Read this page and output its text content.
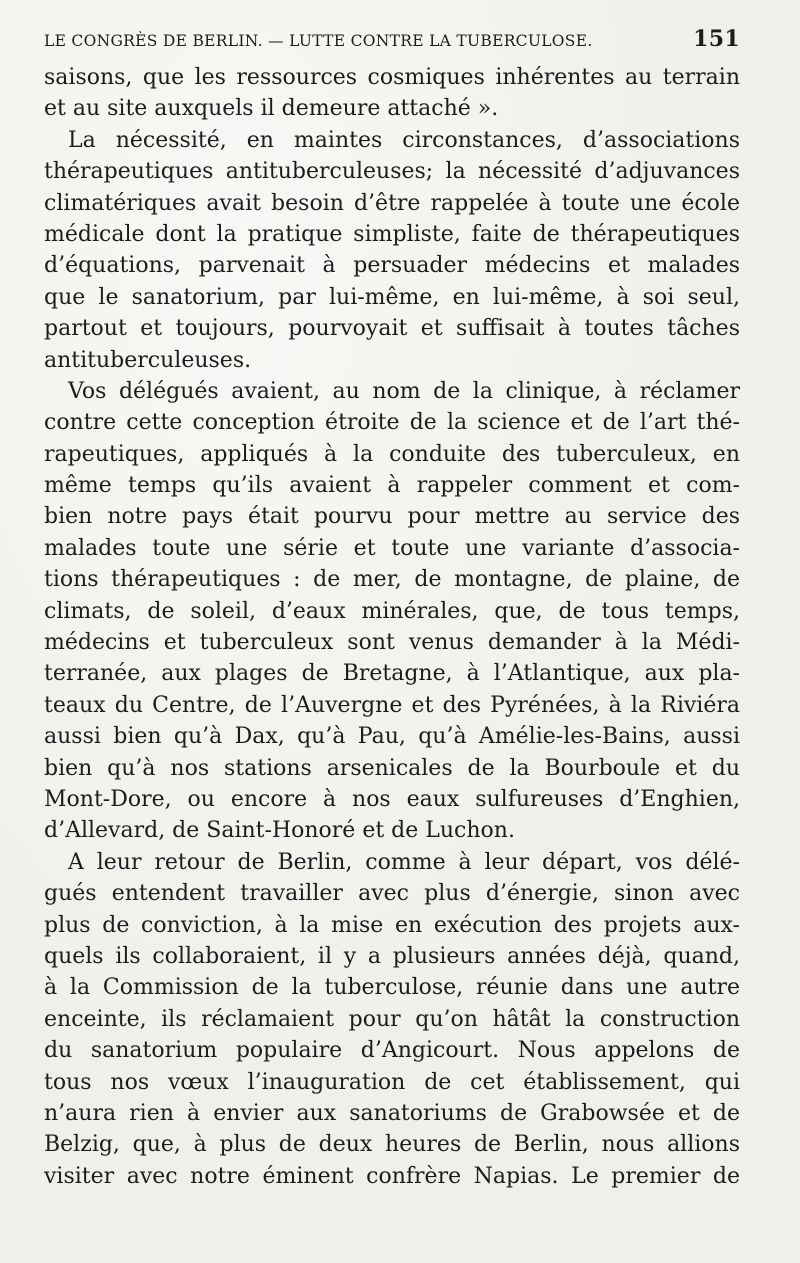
LE CONGRÈS DE BERLIN. — LUTTE CONTRE LA TUBERCULOSE.	151
saisons, que les ressources cosmiques inhérentes au terrain
et au site auxquels il demeure attaché ».
La nécessité, en maintes circonstances, d’associations
thérapeutiques antituberculeuses; la nécessité d’adjuvances
climatériques avait besoin d’être rappelée à toute une école
médicale dont la pratique simpliste, faite de thérapeutiques
d’équations, parvenait à persuader médecins et malades
que le sanatorium, par lui-même, en lui-même, à soi seul,
partout et toujours, pourvoyait et suffisait à toutes tâches
antituberculeuses.
Vos délégués avaient, au nom de la clinique, à réclamer
contre cette conception étroite de la science et de l’art thé-
rapeutiques, appliqués à la conduite des tuberculeux, en
même temps qu’ils avaient à rappeler comment et com-
bien notre pays était pourvu pour mettre au service des
malades toute une série et toute une variante d’associa-
tions thérapeutiques : de mer, de montagne, de plaine, de
climats, de soleil, d’eaux minérales, que, de tous temps,
médecins et tuberculeux sont venus demander à la Médi-
terranée, aux plages de Bretagne, à l’Atlantique, aux pla-
teaux du Centre, de l’Auvergne et des Pyrénées, à la Riviéra
aussi bien qu’à Dax, qu’à Pau, qu’à Amélie-les-Bains, aussi
bien qu’à nos stations arsenicales de la Bourboule et du
Mont-Dore, ou encore à nos eaux sulfureuses d’Enghien,
d’Allevard, de Saint-Honoré et de Luchon.
A leur retour de Berlin, comme à leur départ, vos délé-
gués entendent travailler avec plus d’énergie, sinon avec
plus de conviction, à la mise en exécution des projets aux-
quels ils collaboraient, il y a plusieurs années déjà, quand,
à la Commission de la tuberculose, réunie dans une autre
enceinte, ils réclamaient pour qu’on hâtât la construction
du sanatorium populaire d’Angicourt. Nous appelons de
tous nos vœux l’inauguration de cet établissement, qui
n’aura rien à envier aux sanatoriums de Grabowsée et de
Belzig, que, à plus de deux heures de Berlin, nous allions
visiter avec notre éminent confrère Napias. Le premier de
